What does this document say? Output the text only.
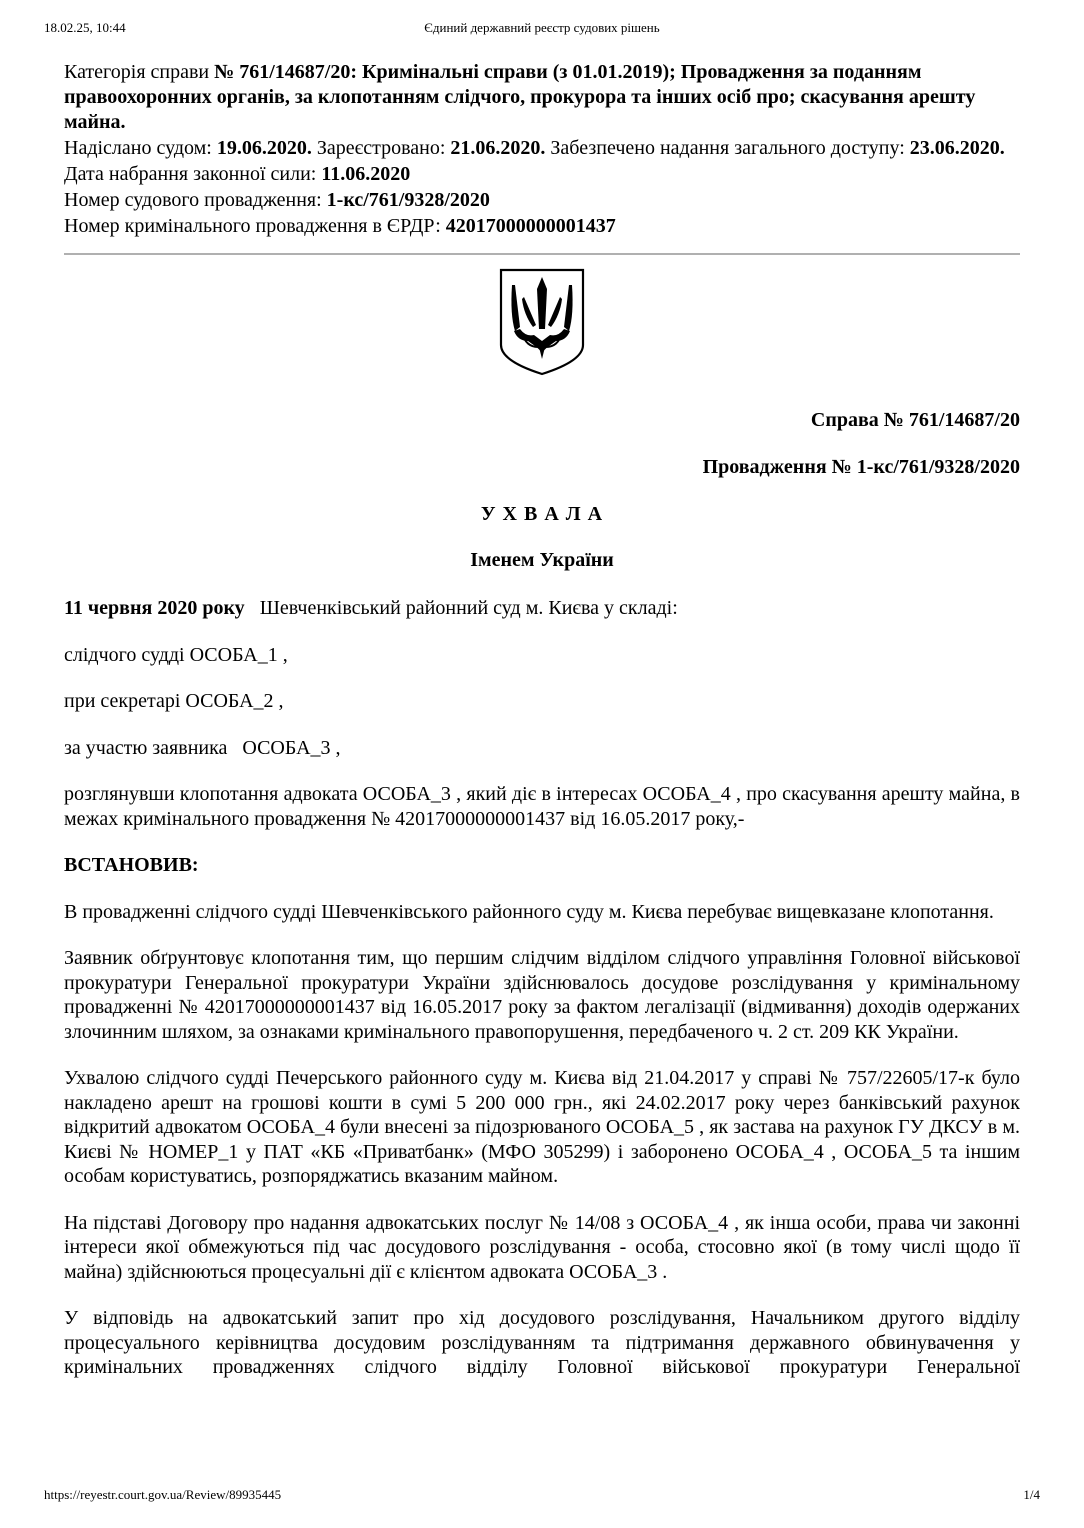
18.02.25, 10:44	Єдиний державний реєстр судових рішень

Категорія справи № 761/14687/20: Кримінальні справи (з 01.01.2019); Провадження за поданням правоохоронних органів, за клопотанням слідчого, прокурора та інших осіб про; скасування арешту майна.

Надіслано судом: 19.06.2020. Зареєстровано: 21.06.2020. Забезпечено надання загального доступу: 23.06.2020.

Дата набрання законної сили: 11.06.2020

Номер судового провадження: 1-кс/761/9328/2020

Номер кримінального провадження в ЄРДР: 42017000000001437

Справа № 761/14687/20

Провадження № 1-кс/761/9328/2020

У Х В А Л А

Іменем України

11 червня 2020 року   Шевченківський районний суд м. Києва у складі:

слідчого судді ОСОБА_1 ,

при секретарі ОСОБА_2 ,

за участю заявника   ОСОБА_3 ,

розглянувши клопотання адвоката ОСОБА_3 , який діє в інтересах ОСОБА_4 , про скасування арешту майна, в межах кримінального провадження № 42017000000001437 від 16.05.2017 року,-

ВСТАНОВИВ:

В провадженні слідчого судді Шевченківського районного суду м. Києва перебуває вищевказане клопотання.

Заявник обґрунтовує клопотання тим, що першим слідчим відділом слідчого управління Головної військової прокуратури Генеральної прокуратури України здійснювалось досудове розслідування у кримінальному провадженні № 42017000000001437 від 16.05.2017 року за фактом легалізації (відмивання) доходів одержаних злочинним шляхом, за ознаками кримінального правопорушення, передбаченого ч. 2 ст. 209 КК України.

Ухвалою слідчого судді Печерського районного суду м. Києва від 21.04.2017 у справі № 757/22605/17-к було накладено арешт на грошові кошти в сумі 5 200 000 грн., які 24.02.2017 року через банківський рахунок відкритий адвокатом ОСОБА_4 були внесені за підозрюваного ОСОБА_5 , як застава на рахунок ГУ ДКСУ в м. Києві № НОМЕР_1 у ПАТ «КБ «Приватбанк» (МФО 305299) і заборонено ОСОБА_4 , ОСОБА_5 та іншим особам користуватись, розпоряджатись вказаним майном.

На підставі Договору про надання адвокатських послуг № 14/08 з ОСОБА_4 , як інша особи, права чи законні інтереси якої обмежуються під час досудового розслідування - особа, стосовно якої (в тому числі щодо її майна) здійснюються процесуальні дії є клієнтом адвоката ОСОБА_3 .

У відповідь на адвокатський запит про хід досудового розслідування, Начальником другого відділу процесуального керівництва досудовим розслідуванням та підтримання державного обвинувачення у кримінальних провадженнях слідчого відділу Головної військової прокуратури Генеральної

https://reyestr.court.gov.ua/Review/89935445	1/4
